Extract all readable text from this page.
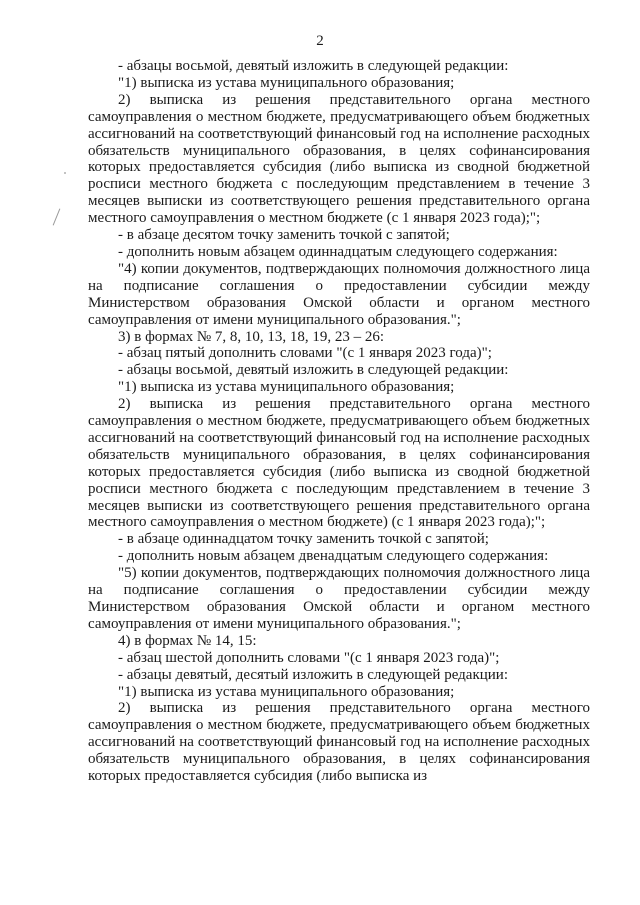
2

- абзацы восьмой, девятый изложить в следующей редакции:

"1) выписка из устава муниципального образования;

2) выписка из решения представительного органа местного самоуправления о местном бюджете, предусматривающего объем бюджетных ассигнований на соответствующий финансовый год на исполнение расходных обязательств муниципального образования, в целях софинансирования которых предоставляется субсидия (либо выписка из сводной бюджетной росписи местного бюджета с последующим представлением в течение 3 месяцев выписки из соответствующего решения представительного органа местного самоуправления о местном бюджете (с 1 января 2023 года);";

- в абзаце десятом точку заменить точкой с запятой;

- дополнить новым абзацем одиннадцатым следующего содержания:

"4) копии документов, подтверждающих полномочия должностного лица на подписание соглашения о предоставлении субсидии между Министерством образования Омской области и органом местного самоуправления от имени муниципального образования.";

3) в формах № 7, 8, 10, 13, 18, 19, 23 – 26:

- абзац пятый дополнить словами "(с 1 января 2023 года)";

- абзацы восьмой, девятый изложить в следующей редакции:

"1) выписка из устава муниципального образования;

2) выписка из решения представительного органа местного самоуправления о местном бюджете, предусматривающего объем бюджетных ассигнований на соответствующий финансовый год на исполнение расходных обязательств муниципального образования, в целях софинансирования которых предоставляется субсидия (либо выписка из сводной бюджетной росписи местного бюджета с последующим представлением в течение 3 месяцев выписки из соответствующего решения представительного органа местного самоуправления о местном бюджете) (с 1 января 2023 года);";

- в абзаце одиннадцатом точку заменить точкой с запятой;

- дополнить новым абзацем двенадцатым следующего содержания:

"5) копии документов, подтверждающих полномочия должностного лица на подписание соглашения о предоставлении субсидии между Министерством образования Омской области и органом местного самоуправления от имени муниципального образования.";

4) в формах № 14, 15:

- абзац шестой дополнить словами "(с 1 января 2023 года)";

- абзацы девятый, десятый изложить в следующей редакции:

"1) выписка из устава муниципального образования;

2) выписка из решения представительного органа местного самоуправления о местном бюджете, предусматривающего объем бюджетных ассигнований на соответствующий финансовый год на исполнение расходных обязательств муниципального образования, в целях софинансирования которых предоставляется субсидия (либо выписка из
